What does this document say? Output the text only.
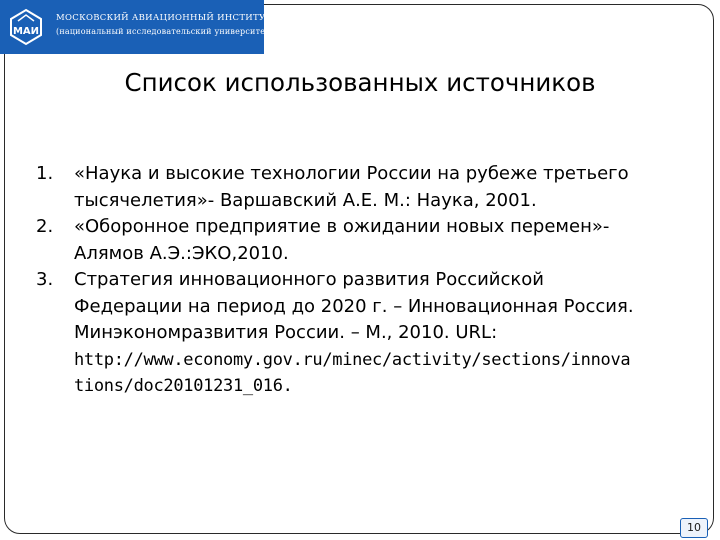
МАИ
МОСКОВСКИЙ АВИАЦИОННЫЙ ИНСТИТУТ
(национальный исследовательский университет)
Список использованных источников
1. «Наука и высокие технологии России на рубеже третьего
тысячелетия»- Варшавский А.Е. М.: Наука, 2001.
2. «Оборонное предприятие в ожидании новых перемен»-
Алямов А.Э.:ЭКО,2010.
3. Стратегия инновационного развития Российской
Федерации на период до 2020 г. – Инновационная Россия.
Минэкономразвития России. – М., 2010. URL:
http://www.economy.gov.ru/minec/activity/sections/innova
tions/doc20101231_016.
10
